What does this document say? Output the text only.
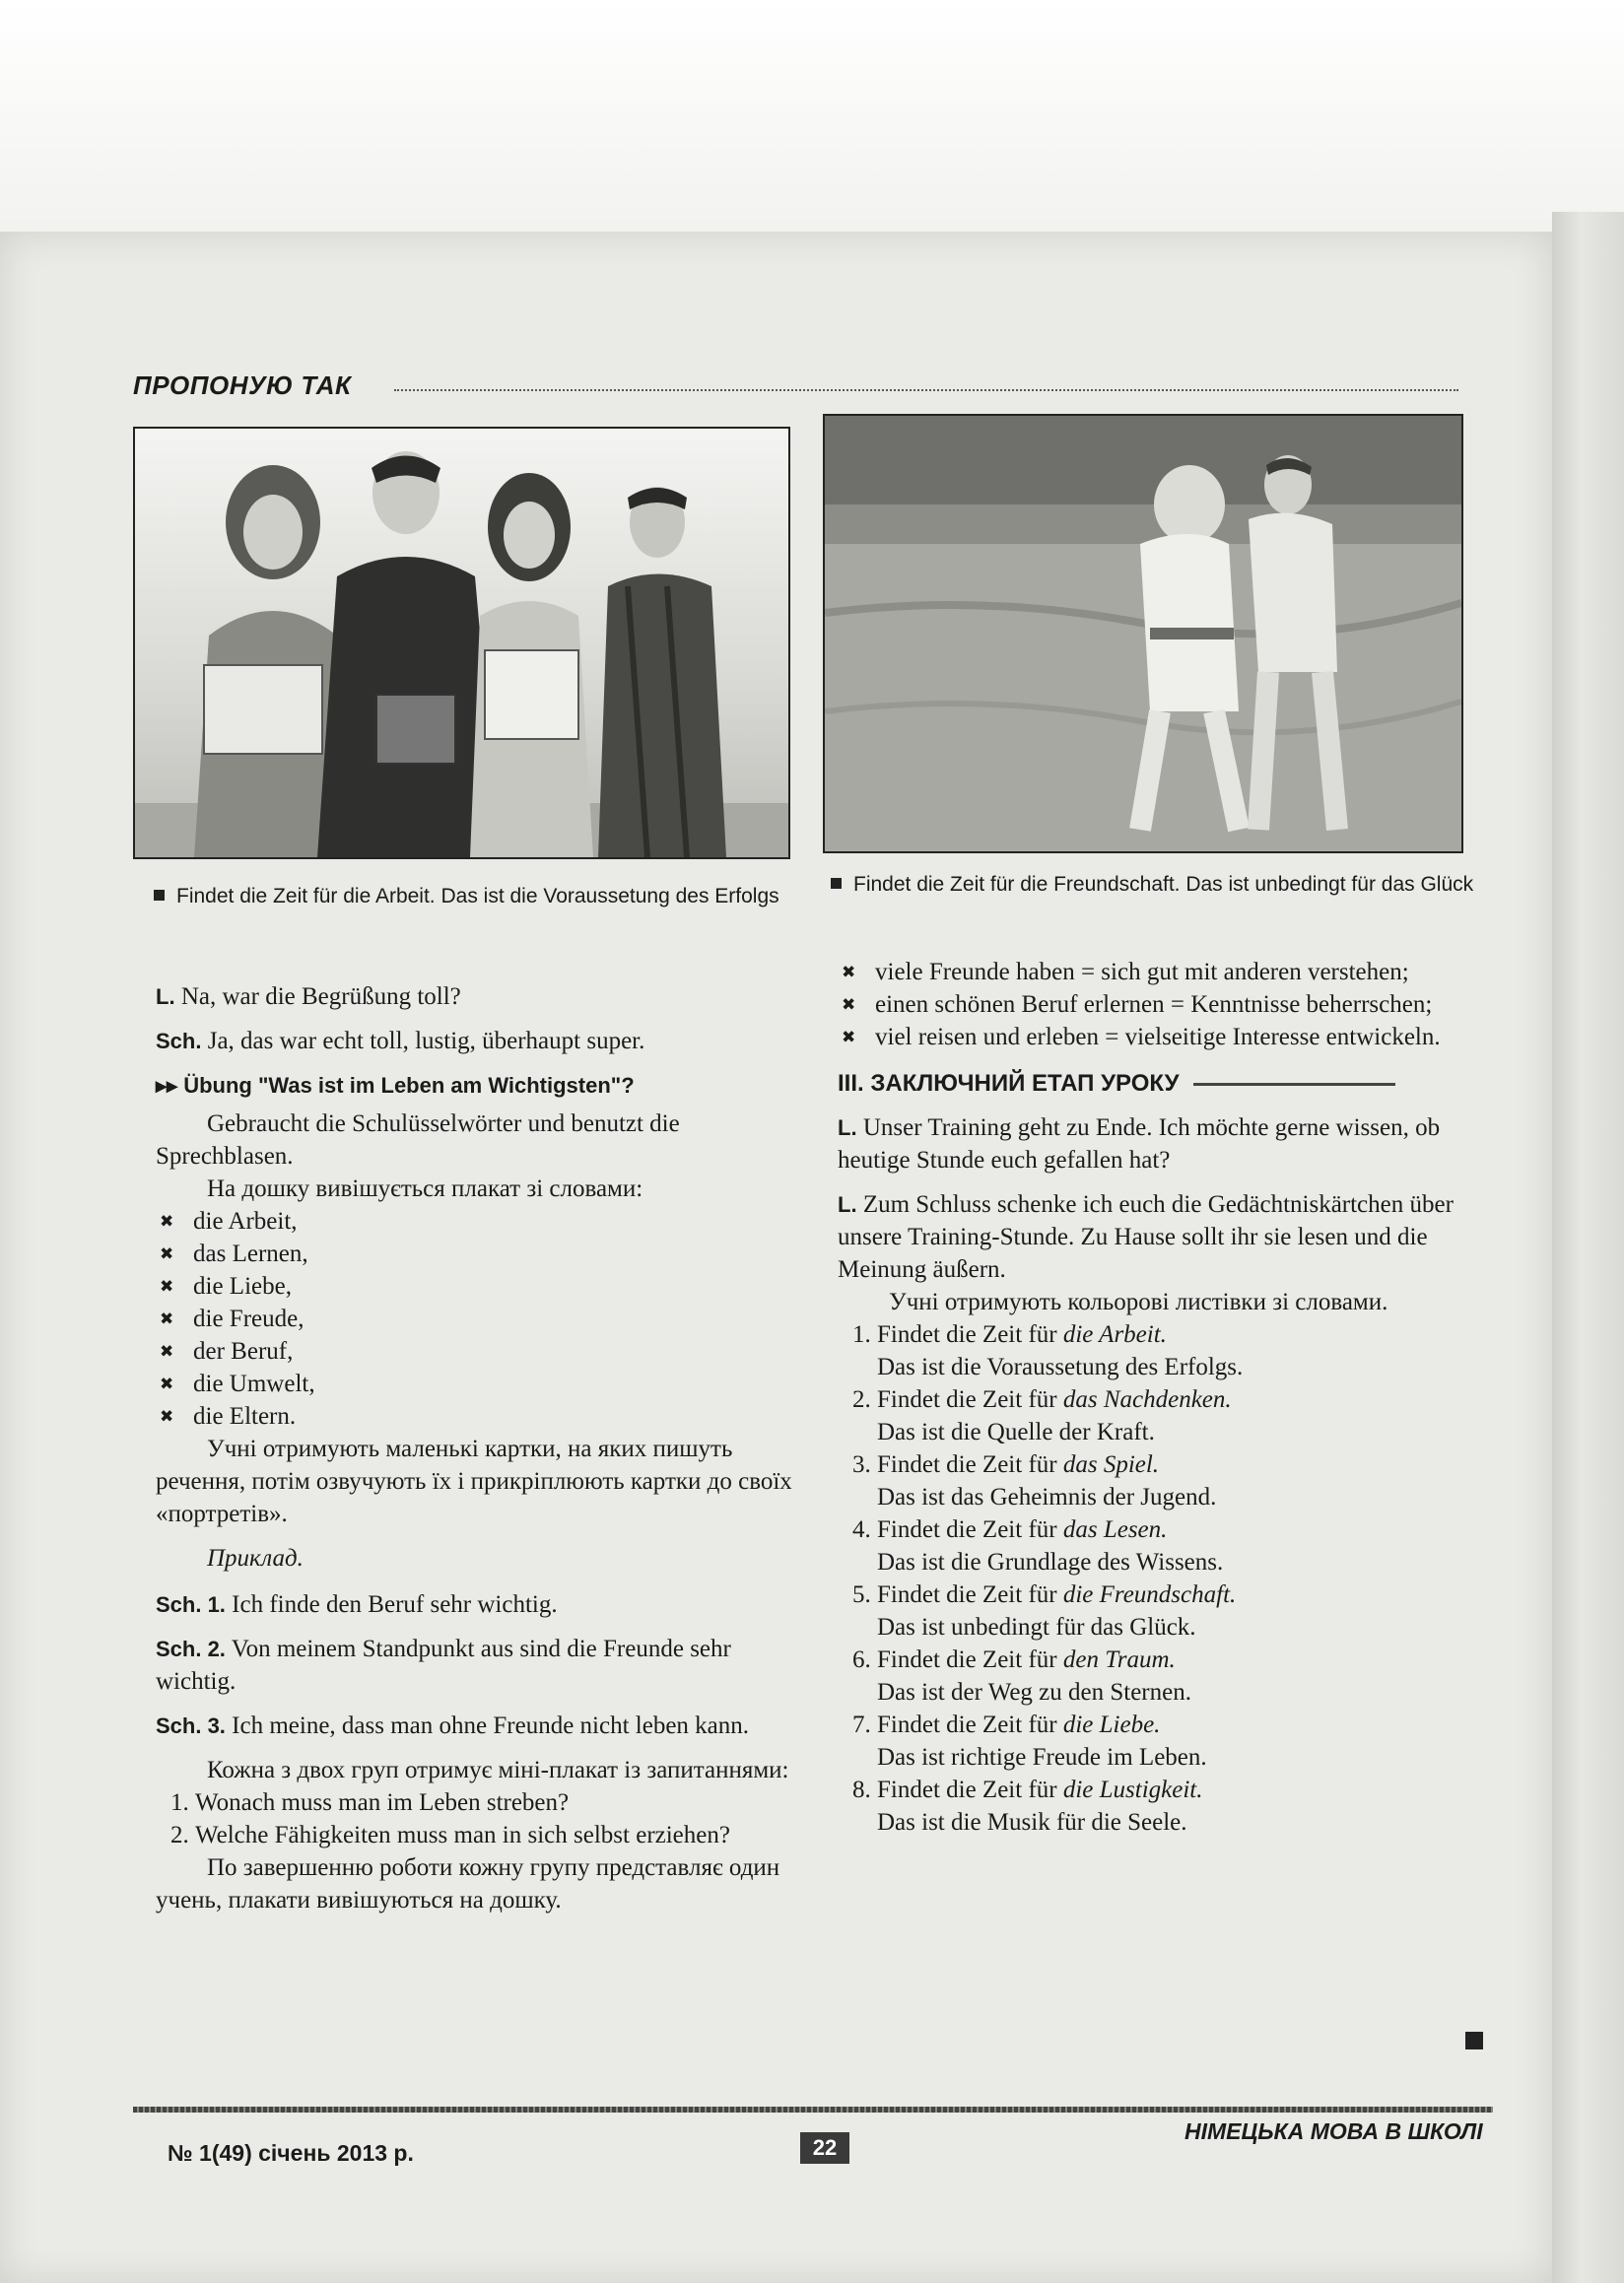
ПРОПОНУЮ ТАК
Findet die Zeit für die Arbeit. Das ist die Voraussetung des Erfolgs
Findet die Zeit für die Freundschaft. Das ist unbedingt für das Glück

L. Na, war die Begrüßung toll?

Sch. Ja, das war echt toll, lustig, überhaupt super.

▸▸ Übung "Was ist im Leben am Wichtigsten"?

Gebraucht die Schulüsselwörter und benutzt die Sprechblasen.

На дошку вивішується плакат зі словами:

✖ die Arbeit,
✖ das Lernen,
✖ die Liebe,
✖ die Freude,
✖ der Beruf,
✖ die Umwelt,
✖ die Eltern.

Учні отримують маленькі картки, на яких пишуть речення, потім озвучують їх і прикріплюють картки до своїх «портретів».

Приклад.

Sch. 1. Ich finde den Beruf sehr wichtig.

Sch. 2. Von meinem Standpunkt aus sind die Freunde sehr wichtig.

Sch. 3. Ich meine, dass man ohne Freunde nicht leben kann.

Кожна з двох груп отримує міні-плакат із запитаннями:

1. Wonach muss man im Leben streben?
2. Welche Fähigkeiten muss man in sich selbst erziehen?

По завершенню роботи кожну групу представляє один учень, плакати вивішуються на дошку.

✖ viele Freunde haben = sich gut mit anderen verstehen;
✖ einen schönen Beruf erlernen = Kenntnisse beherrschen;
✖ viel reisen und erleben = vielseitige Interesse entwickeln.
III. ЗАКЛЮЧНИЙ ЕТАП УРОКУ

L. Unser Training geht zu Ende. Ich möchte gerne wissen, ob heutige Stunde euch gefallen hat?

L. Zum Schluss schenke ich euch die Gedächtniskärtchen über unsere Training-Stunde. Zu Hause sollt ihr sie lesen und die Meinung äußern.

Учні отримують кольорові листівки зі словами.

1. Findet die Zeit für die Arbeit.
Das ist die Voraussetung des Erfolgs.
2. Findet die Zeit für das Nachdenken.
Das ist die Quelle der Kraft.
3. Findet die Zeit für das Spiel.
Das ist das Geheimnis der Jugend.
4. Findet die Zeit für das Lesen.
Das ist die Grundlage des Wissens.
5. Findet die Zeit für die Freundschaft.
Das ist unbedingt für das Glück.
6. Findet die Zeit für den Traum.
Das ist der Weg zu den Sternen.
7. Findet die Zeit für die Liebe.
Das ist richtige Freude im Leben.
8. Findet die Zeit für die Lustigkeit.
Das ist die Musik für die Seele.
№ 1(49) січень 2013 р.	22
НІМЕЦЬКА МОВА В ШКОЛІ
